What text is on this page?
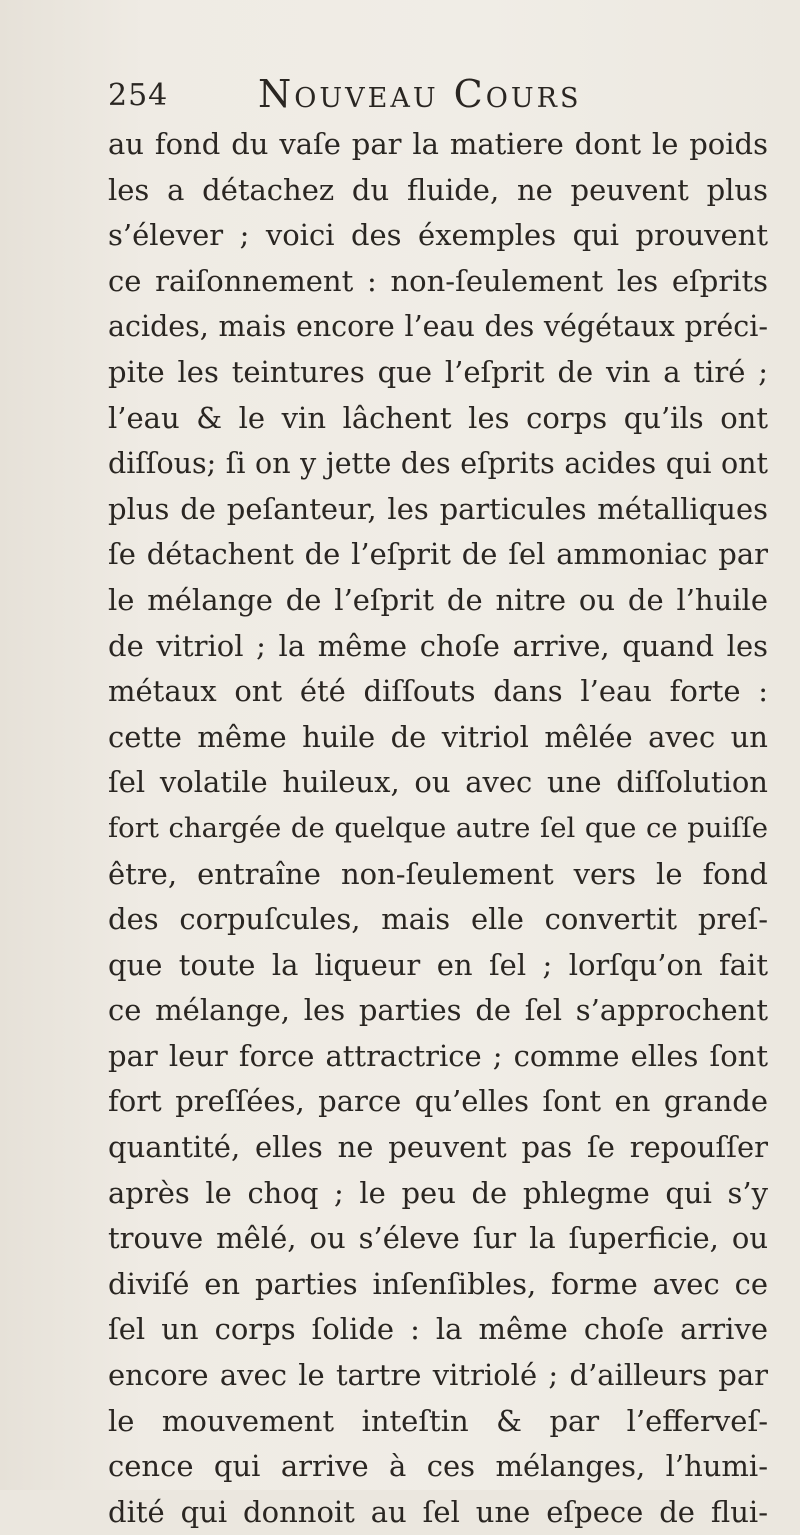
254 Nouveau Cours
au fond du vaſe par la matiere dont le poids
les a détachez du fluide, ne peuvent plus
s’élever ; voici des éxemples qui prouvent
ce raiſonnement : non-ſeulement les eſprits
acides, mais encore l’eau des végétaux préci-
pite les teintures que l’eſprit de vin a tiré ;
l’eau & le vin lâchent les corps qu’ils ont
diſſous; ſi on y jette des eſprits acides qui ont
plus de peſanteur, les particules métalliques
ſe détachent de l’eſprit de ſel ammoniac par
le mélange de l’eſprit de nitre ou de l’huile
de vitriol ; la même choſe arrive, quand les
métaux ont été diſſouts dans l’eau forte :
cette même huile de vitriol mêlée avec un
ſel volatile huileux, ou avec une diſſolution
fort chargée de quelque autre ſel que ce puiſſe
être, entraîne non-ſeulement vers le fond
des corpuſcules, mais elle convertit preſ-
que toute la liqueur en ſel ; lorſqu’on fait
ce mélange, les parties de ſel s’approchent
par leur force attractrice ; comme elles ſont
fort preſſées, parce qu’elles ſont en grande
quantité, elles ne peuvent pas ſe repouſſer
après le choq ; le peu de phlegme qui s’y
trouve mêlé, ou s’éleve ſur la ſuperficie, ou
diviſé en parties inſenſibles, forme avec ce
ſel un corps ſolide : la même choſe arrive
encore avec le tartre vitriolé ; d’ailleurs par
le mouvement inteſtin & par l’efferveſ-
cence qui arrive à ces mélanges, l’humi-
dité qui donnoit au ſel une eſpece de flui-
